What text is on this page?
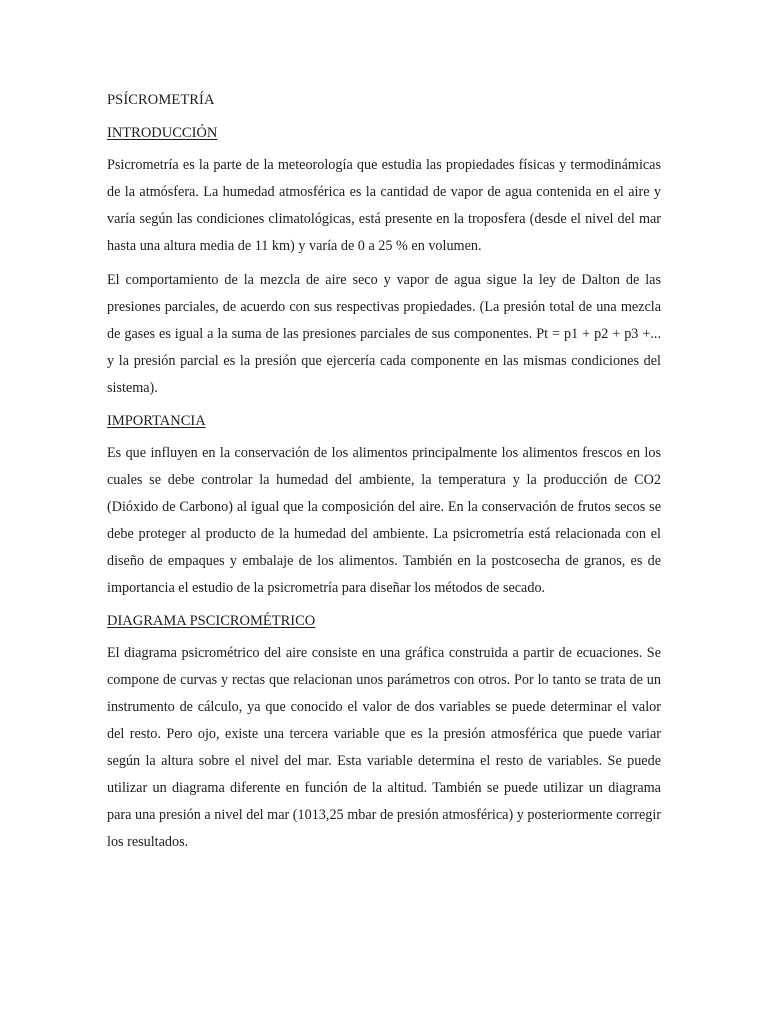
PSÍCROMETRÍA
INTRODUCCIÓN

Psicrometría es la parte de la meteorología que estudia las propiedades físicas y termodinámicas de la atmósfera. La humedad atmosférica es la cantidad de vapor de agua contenida en el aire y varía según las condiciones climatológicas, está presente en la troposfera (desde el nivel del mar hasta una altura media de 11 km) y varía de 0 a 25 % en volumen.

El comportamiento de la mezcla de aire seco y vapor de agua sigue la ley de Dalton de las presiones parciales, de acuerdo con sus respectivas propiedades. (La presión total de una mezcla de gases es igual a la suma de las presiones parciales de sus componentes. Pt = p1 + p2 + p3 +... y la presión parcial es la presión que ejercería cada componente en las mismas condiciones del sistema).

IMPORTANCIA

Es que influyen en la conservación de los alimentos principalmente los alimentos frescos en los cuales se debe controlar la humedad del ambiente, la temperatura y la producción de CO2 (Dióxido de Carbono) al igual que la composición del aire. En la conservación de frutos secos se debe proteger al producto de la humedad del ambiente. La psicrometría está relacionada con el diseño de empaques y embalaje de los alimentos. También en la postcosecha de granos, es de importancia el estudio de la psicrometría para diseñar los métodos de secado.

DIAGRAMA PSCICROMÉTRICO

El diagrama psicrométrico del aire consiste en una gráfica construida a partir de ecuaciones. Se compone de curvas y rectas que relacionan unos parámetros con otros. Por lo tanto se trata de un instrumento de cálculo, ya que conocido el valor de dos variables se puede determinar el valor del resto. Pero ojo, existe una tercera variable que es la presión atmosférica que puede variar según la altura sobre el nivel del mar. Esta variable determina el resto de variables. Se puede utilizar un diagrama diferente en función de la altitud. También se puede utilizar un diagrama para una presión a nivel del mar (1013,25 mbar de presión atmosférica) y posteriormente corregir los resultados.
